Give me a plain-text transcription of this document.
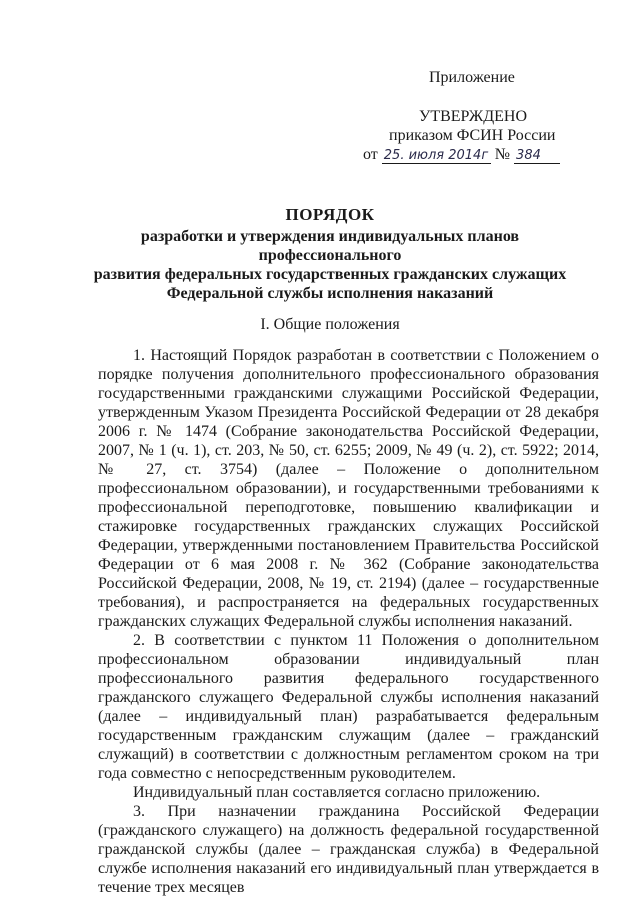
Приложение
УТВЕРЖДЕНО
приказом ФСИН России
от 25. июля 2014г № 384
ПОРЯДОК
разработки и утверждения индивидуальных планов профессионального
развития федеральных государственных гражданских служащих
Федеральной службы исполнения наказаний
I. Общие положения

1. Настоящий Порядок разработан в соответствии с Положением о порядке получения дополнительного профессионального образования государственными гражданскими служащими Российской Федерации, утвержденным Указом Президента Российской Федерации от 28 декабря 2006 г. № 1474 (Собрание законодательства Российской Федерации, 2007, № 1 (ч. 1), ст. 203, № 50, ст. 6255; 2009, № 49 (ч. 2), ст. 5922; 2014, № 27, ст. 3754) (далее – Положение о дополнительном профессиональном образовании), и государственными требованиями к профессиональной переподготовке, повышению квалификации и стажировке государственных гражданских служащих Российской Федерации, утвержденными постановлением Правительства Российской Федерации от 6 мая 2008 г. № 362 (Собрание законодательства Российской Федерации, 2008, № 19, ст. 2194) (далее – государственные требования), и распространяется на федеральных государственных гражданских служащих Федеральной службы исполнения наказаний.

2. В соответствии с пунктом 11 Положения о дополнительном профессиональном образовании индивидуальный план профессионального развития федерального государственного гражданского служащего Федеральной службы исполнения наказаний (далее – индивидуальный план) разрабатывается федеральным государственным гражданским служащим (далее – гражданский служащий) в соответствии с должностным регламентом сроком на три года совместно с непосредственным руководителем.

Индивидуальный план составляется согласно приложению.

3. При назначении гражданина Российской Федерации (гражданского служащего) на должность федеральной государственной гражданской службы (далее – гражданская служба) в Федеральной службе исполнения наказаний его индивидуальный план утверждается в течение трех месяцев
